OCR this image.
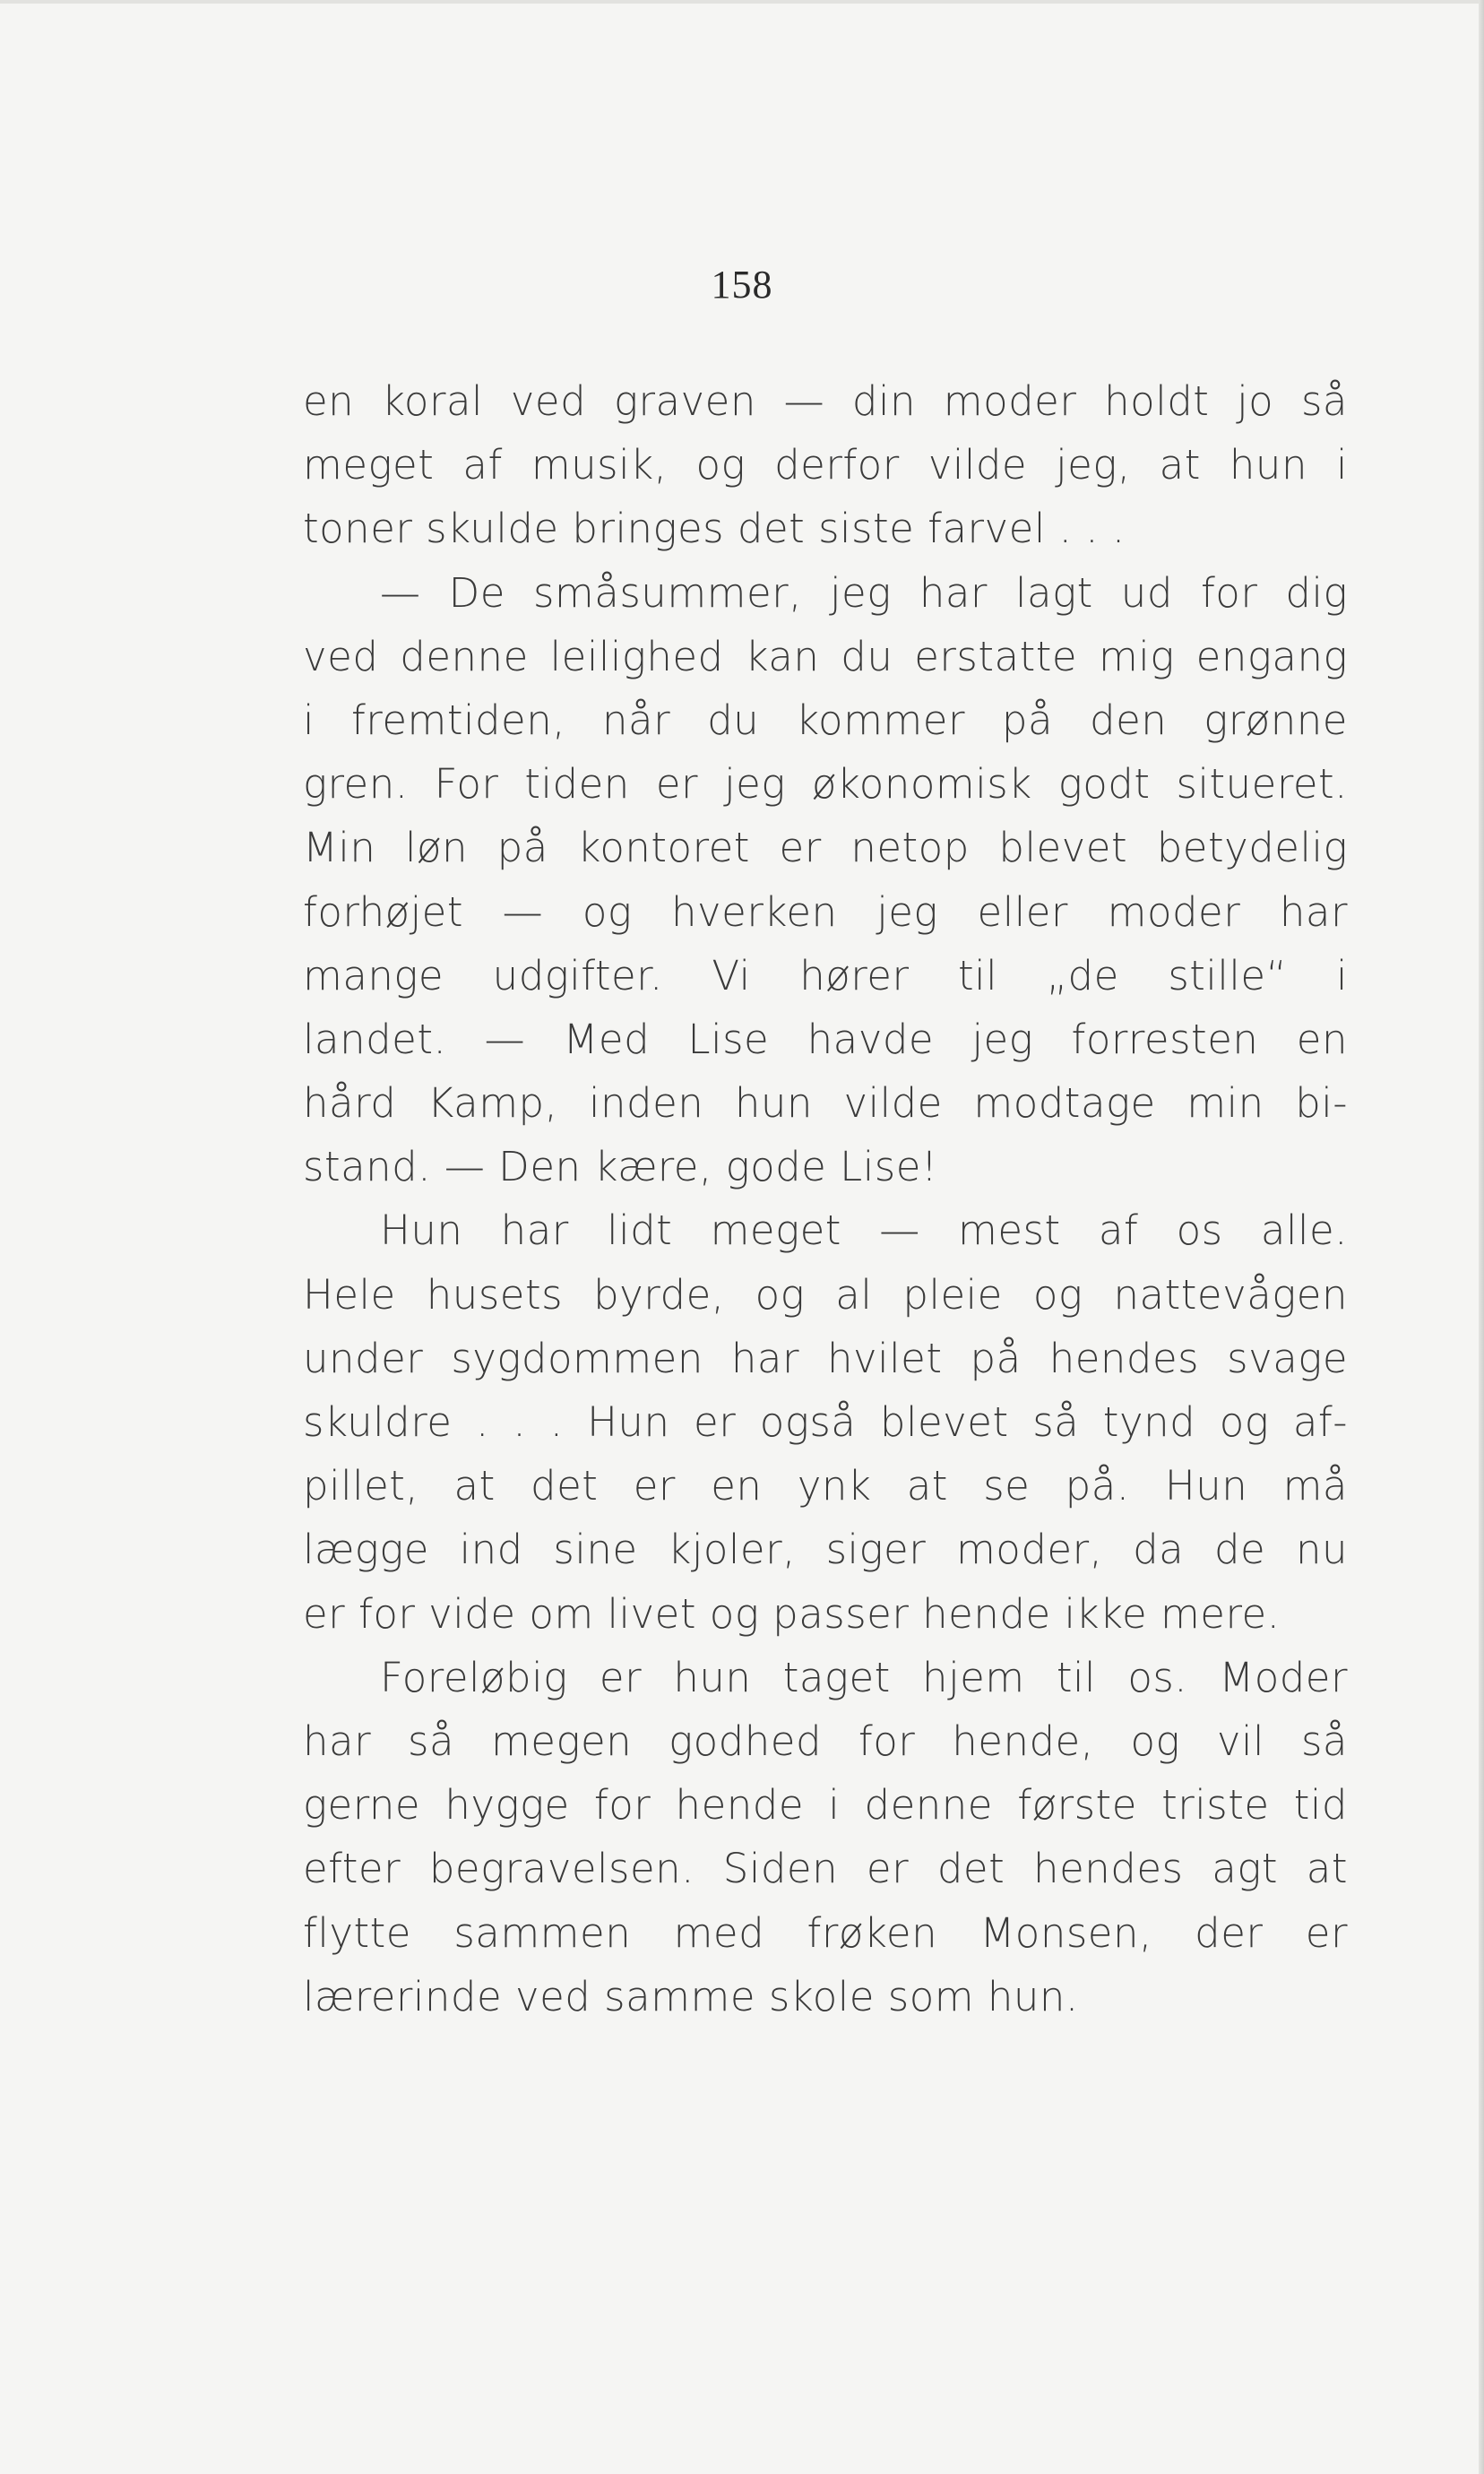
158
en koral ved graven — din moder holdt jo så
meget af musik, og derfor vilde jeg, at hun i
toner skulde bringes det siste farvel . . .
— De småsummer, jeg har lagt ud for dig
ved denne leilighed kan du erstatte mig engang
i fremtiden, når du kommer på den grønne
gren. For tiden er jeg økonomisk godt situeret.
Min løn på kontoret er netop blevet betydelig
forhøjet — og hverken jeg eller moder har
mange udgifter. Vi hører til „de stille“ i
landet. — Med Lise havde jeg forresten en
hård Kamp, inden hun vilde modtage min bi-
stand. — Den kære, gode Lise!
Hun har lidt meget — mest af os alle.
Hele husets byrde, og al pleie og nattevågen
under sygdommen har hvilet på hendes svage
skuldre . . . Hun er også blevet så tynd og af-
pillet, at det er en ynk at se på. Hun må
lægge ind sine kjoler, siger moder, da de nu
er for vide om livet og passer hende ikke mere.
Foreløbig er hun taget hjem til os. Moder
har så megen godhed for hende, og vil så
gerne hygge for hende i denne første triste tid
efter begravelsen. Siden er det hendes agt at
flytte sammen med frøken Monsen, der er
lærerinde ved samme skole som hun.
